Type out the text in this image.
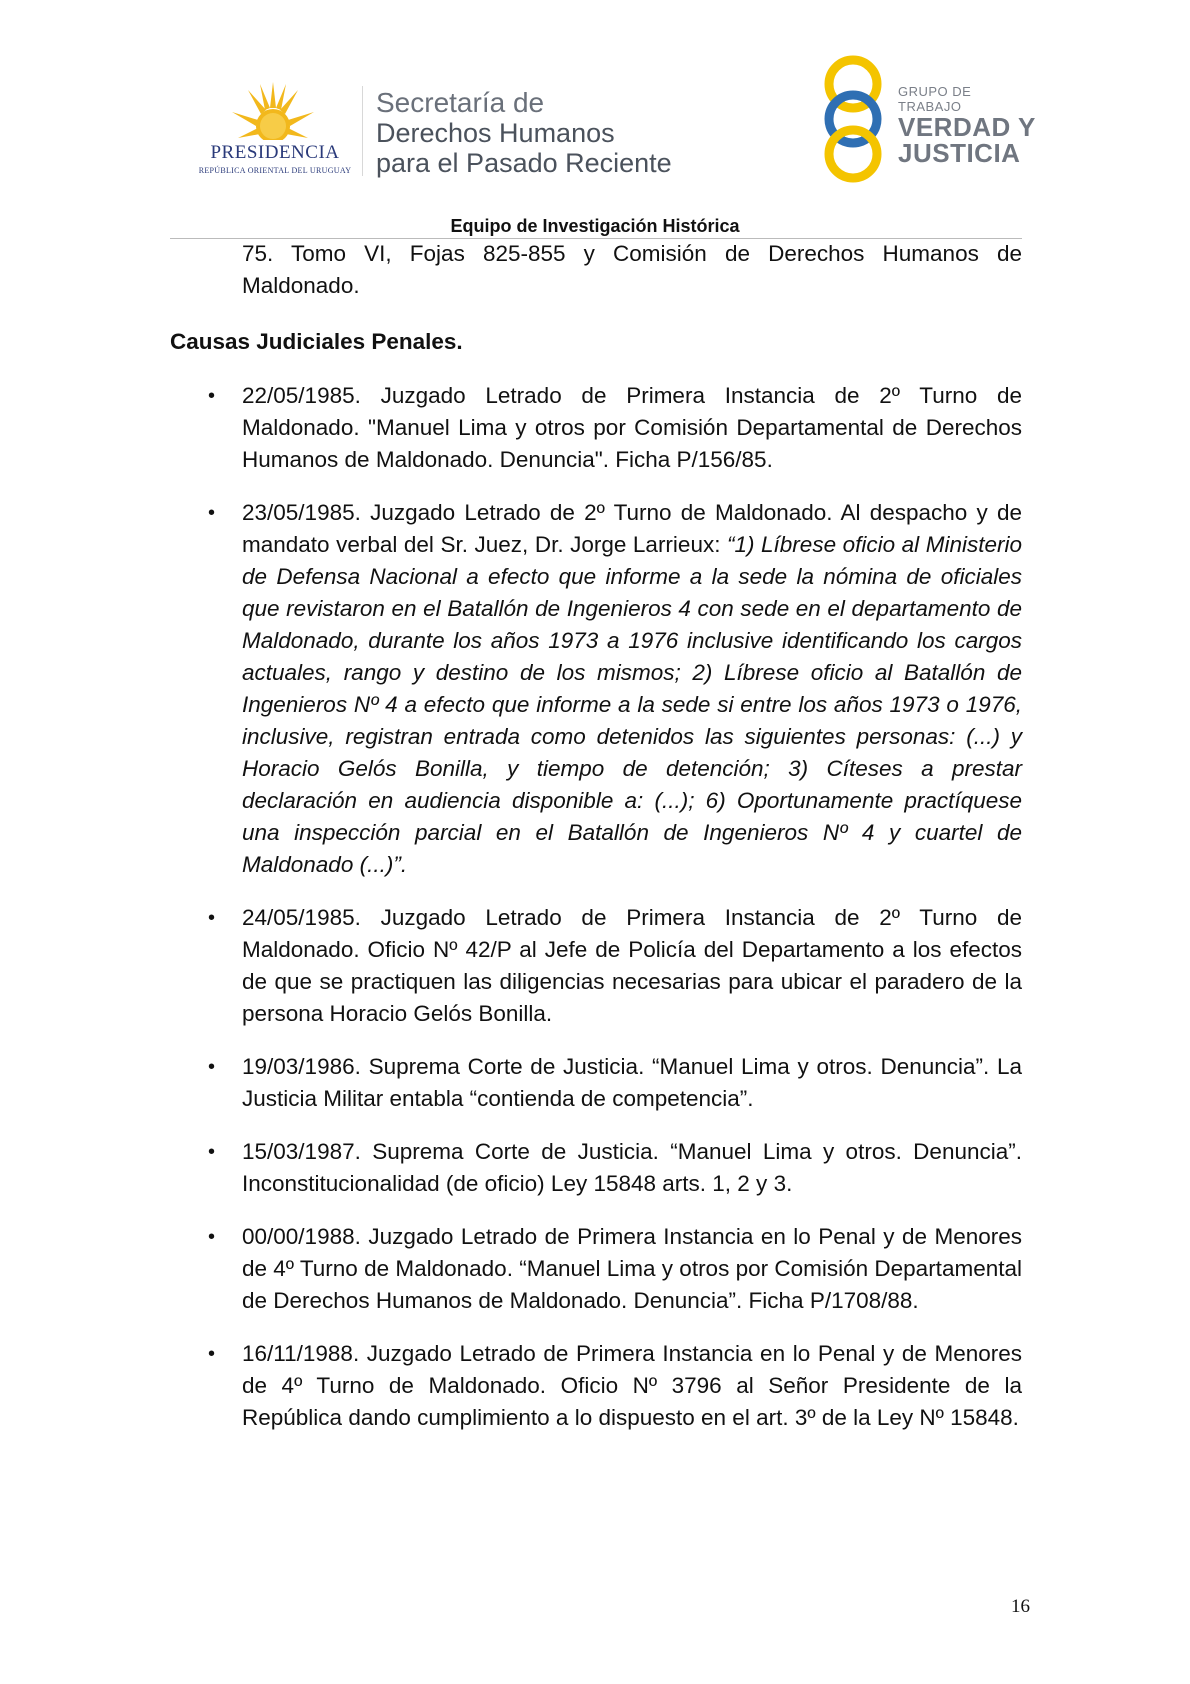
PRESIDENCIA
REPÚBLICA ORIENTAL DEL URUGUAY
Secretaría de
Derechos Humanos
para el Pasado Reciente
GRUPO DE TRABAJO
VERDAD Y
JUSTICIA
Equipo de Investigación Histórica

75. Tomo VI, Fojas 825-855 y Comisión de Derechos Humanos de Maldonado.

Causas Judiciales Penales.

• 22/05/1985. Juzgado Letrado de Primera Instancia de 2º Turno de Maldonado. "Manuel Lima y otros por Comisión Departamental de Derechos Humanos de Maldonado. Denuncia". Ficha P/156/85.
• 23/05/1985. Juzgado Letrado de 2º Turno de Maldonado. Al despacho y de mandato verbal del Sr. Juez, Dr. Jorge Larrieux: “1) Líbrese oficio al Ministerio de Defensa Nacional a efecto que informe a la sede la nómina de oficiales que revistaron en el Batallón de Ingenieros 4 con sede en el departamento de Maldonado, durante los años 1973 a 1976 inclusive identificando los cargos actuales, rango y destino de los mismos; 2) Líbrese oficio al Batallón de Ingenieros Nº 4 a efecto que informe a la sede si entre los años 1973 o 1976, inclusive, registran entrada como detenidos las siguientes personas: (...) y Horacio Gelós Bonilla, y tiempo de detención; 3) Cíteses a prestar declaración en audiencia disponible a: (...); 6) Oportunamente practíquese una inspección parcial en el Batallón de Ingenieros Nº 4 y cuartel de Maldonado (...)”.
• 24/05/1985. Juzgado Letrado de Primera Instancia de 2º Turno de Maldonado. Oficio Nº 42/P al Jefe de Policía del Departamento a los efectos de que se practiquen las diligencias necesarias para ubicar el paradero de la persona Horacio Gelós Bonilla.
• 19/03/1986. Suprema Corte de Justicia. “Manuel Lima y otros. Denuncia”. La Justicia Militar entabla “contienda de competencia”.
• 15/03/1987. Suprema Corte de Justicia. “Manuel Lima y otros. Denuncia”. Inconstitucionalidad (de oficio) Ley 15848 arts. 1, 2 y 3.
• 00/00/1988. Juzgado Letrado de Primera Instancia en lo Penal y de Menores de 4º Turno de Maldonado. “Manuel Lima y otros por Comisión Departamental de Derechos Humanos de Maldonado. Denuncia”. Ficha P/1708/88.
• 16/11/1988. Juzgado Letrado de Primera Instancia en lo Penal y de Menores de 4º Turno de Maldonado. Oficio Nº 3796 al Señor Presidente de la República dando cumplimiento a lo dispuesto en el art. 3º de la Ley Nº 15848.
16
